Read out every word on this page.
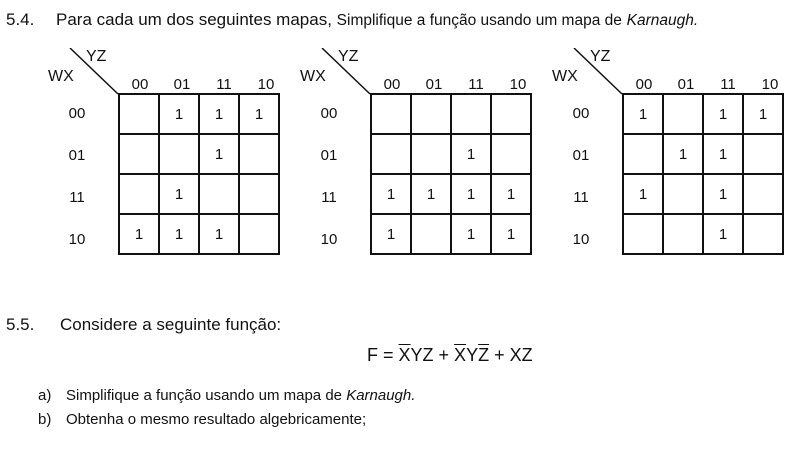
5.4. Para cada um dos seguintes mapas, Simplifique a função usando um mapa de Karnaugh.
YZ
WX	00	01	11	10
00
01
11
10
	1	1	1
		1	
	1		
1	1	1	
YZ
WX	00	01	11	10
00
01
11
10

		1	
1	1	1	1
1		1	1
YZ
WX	00	01	11	10
00
01
11
10
1		1	1
	1	1	
1		1	
		1	
5.5. Considere a seguinte função:
$F = \overline{X}YZ + \overline{X}Y\overline{Z}$ + XZ
a) Simplifique a função usando um mapa de Karnaugh.
b) Obtenha o mesmo resultado algebricamente;
